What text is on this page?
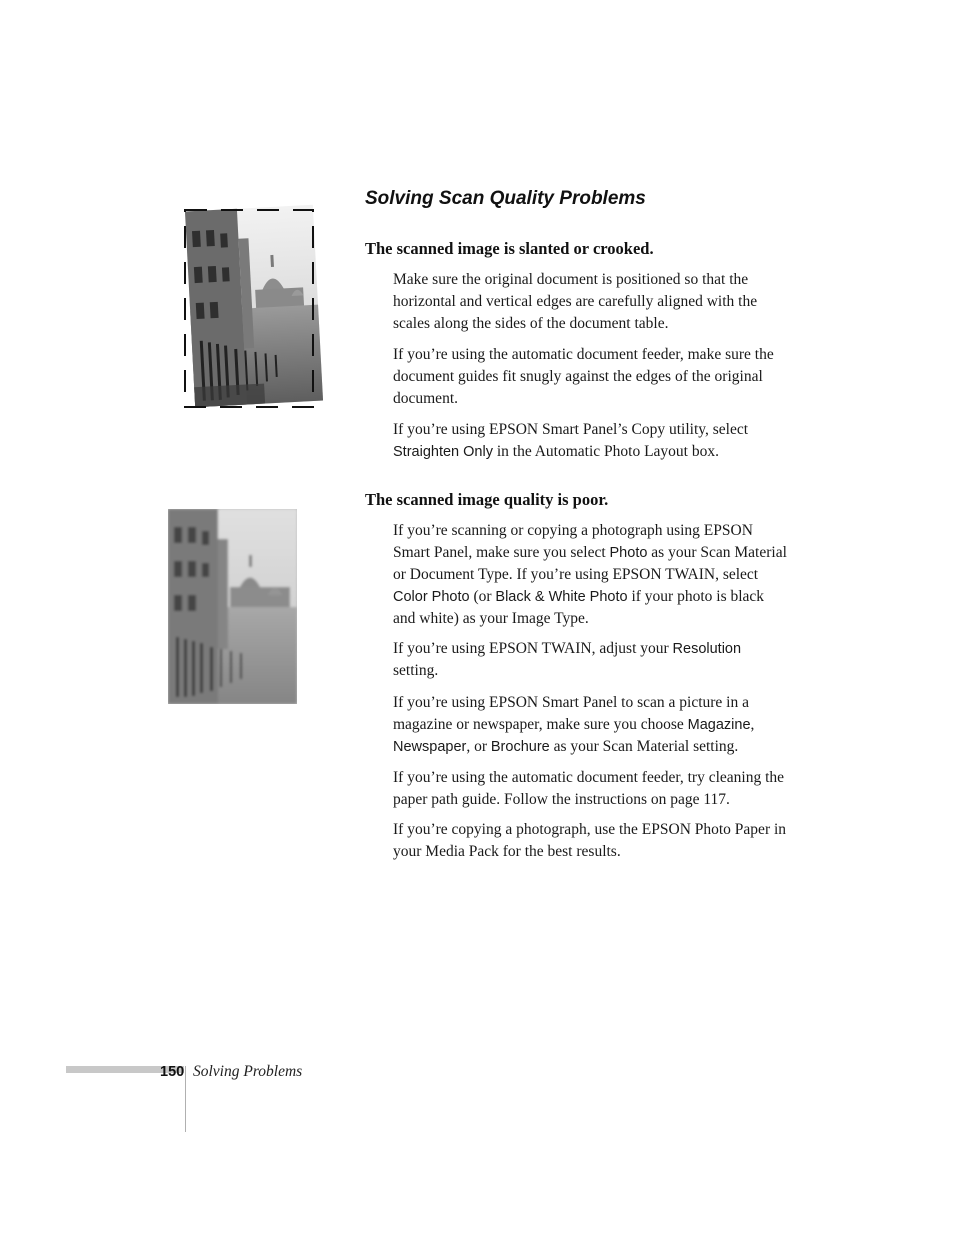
Solving Scan Quality Problems
The scanned image is slanted or crooked.

Make sure the original document is positioned so that the horizontal and vertical edges are carefully aligned with the scales along the sides of the document table.

If you’re using the automatic document feeder, make sure the document guides fit snugly against the edges of the original document.

If you’re using EPSON Smart Panel’s Copy utility, select Straighten Only in the Automatic Photo Layout box.

The scanned image quality is poor.

If you’re scanning or copying a photograph using EPSON Smart Panel, make sure you select Photo as your Scan Material or Document Type. If you’re using EPSON TWAIN, select Color Photo (or Black & White Photo if your photo is black and white) as your Image Type.

If you’re using EPSON TWAIN, adjust your Resolution setting.

If you’re using EPSON Smart Panel to scan a picture in a magazine or newspaper, make sure you choose Magazine, Newspaper, or Brochure as your Scan Material setting.

If you’re using the automatic document feeder, try cleaning the paper path guide. Follow the instructions on page 117.

If you’re copying a photograph, use the EPSON Photo Paper in your Media Pack for the best results.

150 Solving Problems
